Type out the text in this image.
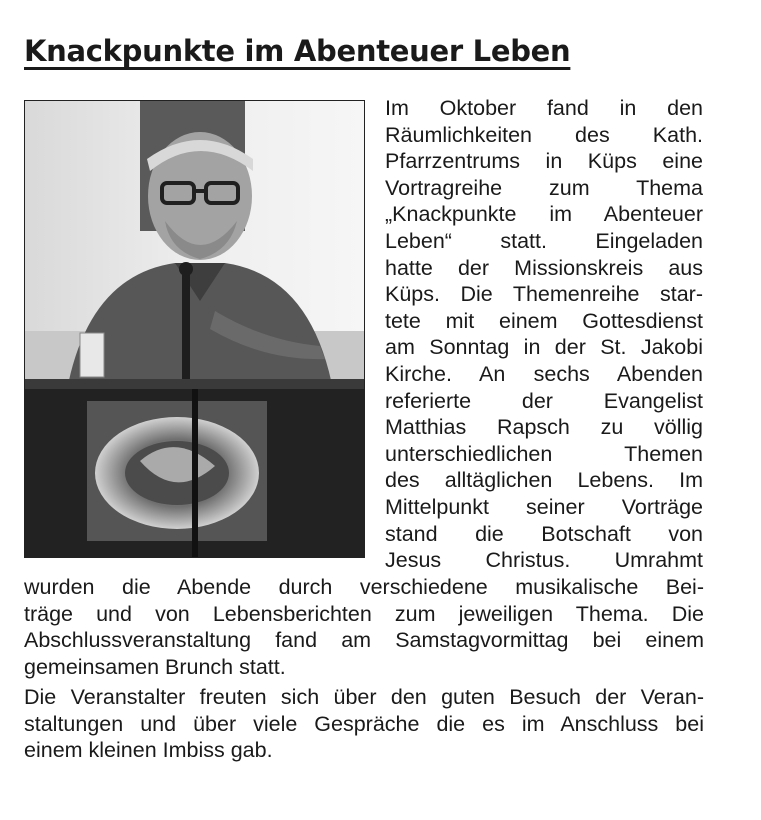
Knackpunkte im Abenteuer Leben

Im Oktober fand in den
Räumlichkeiten des Kath.
Pfarrzentrums in Küps eine
Vortragreihe zum Thema
„Knackpunkte im Abenteuer
Leben“ statt. Eingeladen
hatte der Missionskreis aus
Küps. Die Themenreihe star-
tete mit einem Gottesdienst
am Sonntag in der St. Jakobi
Kirche. An sechs Abenden
referierte der Evangelist
Matthias Rapsch zu völlig
unterschiedlichen Themen
des alltäglichen Lebens. Im
Mittelpunkt seiner Vorträge
stand die Botschaft von
Jesus Christus. Umrahmt

wurden die Abende durch verschiedene musikalische Bei-
träge und von Lebensberichten zum jeweiligen Thema. Die
Abschlussveranstaltung fand am Samstagvormittag bei einem
gemeinsamen Brunch statt.

Die Veranstalter freuten sich über den guten Besuch der Veran-
staltungen und über viele Gespräche die es im Anschluss bei
einem kleinen Imbiss gab.
